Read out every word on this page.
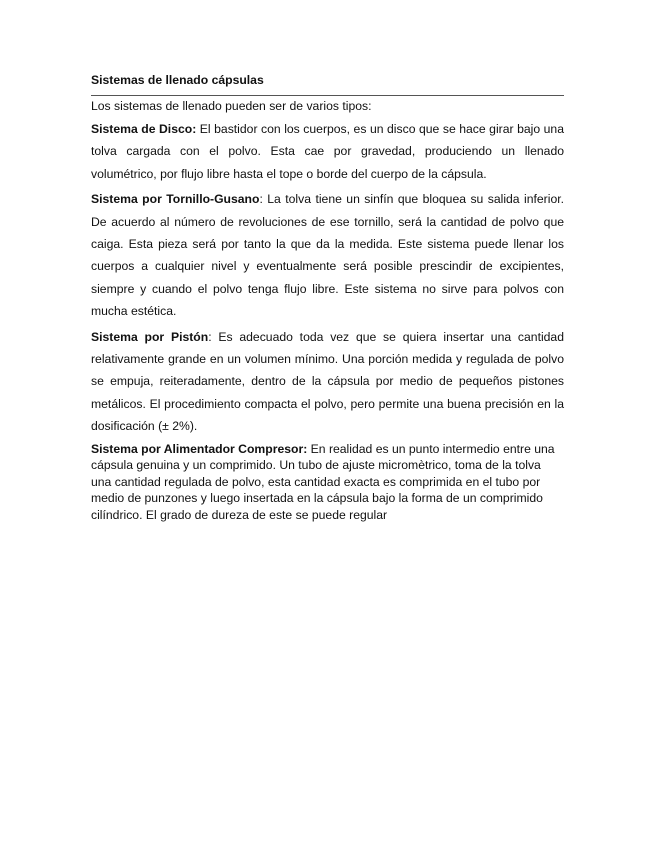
Sistemas de llenado cápsulas
Los sistemas de llenado pueden ser de varios tipos:

Sistema de Disco: El bastidor con los cuerpos, es un disco que se hace girar bajo una tolva cargada con el polvo. Esta cae por gravedad, produciendo un llenado volumétrico, por flujo libre hasta el tope o borde del cuerpo de la cápsula.

Sistema por Tornillo-Gusano: La tolva tiene un sinfín que bloquea su salida inferior. De acuerdo al número de revoluciones de ese tornillo, será la cantidad de polvo que caiga. Esta pieza será por tanto la que da la medida. Este sistema puede llenar los cuerpos a cualquier nivel y eventualmente será posible prescindir de excipientes, siempre y cuando el polvo tenga flujo libre. Este sistema no sirve para polvos con mucha estética.

Sistema por Pistón: Es adecuado toda vez que se quiera insertar una cantidad relativamente grande en un volumen mínimo. Una porción medida y regulada de polvo se empuja, reiteradamente, dentro de la cápsula por medio de pequeños pistones metálicos. El procedimiento compacta el polvo, pero permite una buena precisión en la dosificación (± 2%).

Sistema por Alimentador Compresor: En realidad es un punto intermedio entre una cápsula genuina y un comprimido. Un tubo de ajuste micromètrico, toma de la tolva una cantidad regulada de polvo, esta cantidad exacta es comprimida en el tubo por medio de punzones y luego insertada en la cápsula bajo la forma de un comprimido cilíndrico. El grado de dureza de este se puede regular
